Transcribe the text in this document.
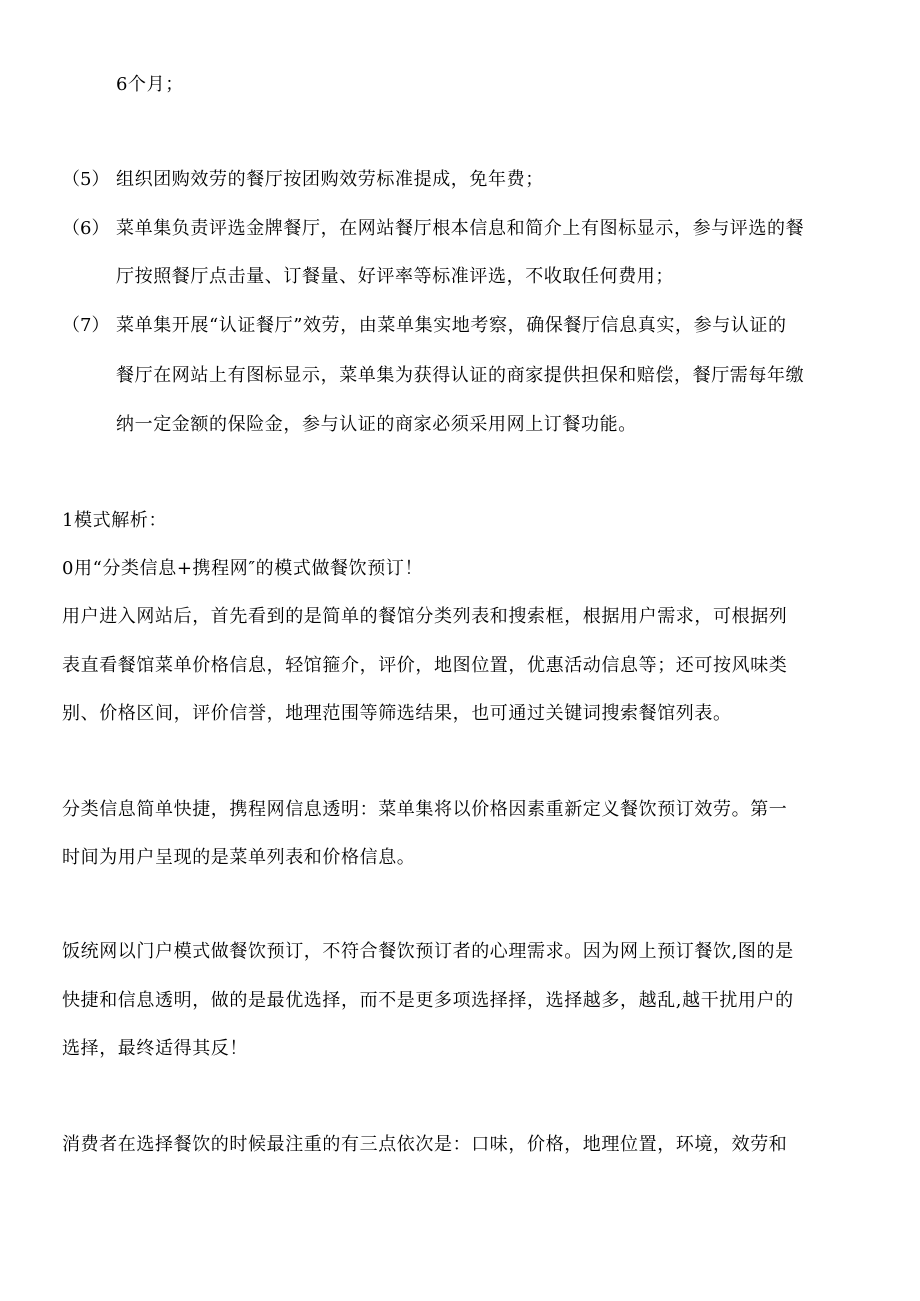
6个月；
（5） 组织团购效劳的餐厅按团购效劳标准提成，免年费；
（6） 菜单集负责评选金牌餐厅，在网站餐厅根本信息和简介上有图标显示，参与评选的餐
厅按照餐厅点击量、订餐量、好评率等标准评选，不收取任何费用；
（7） 菜单集开展“认证餐厅”效劳，由菜单集实地考察，确保餐厅信息真实，参与认证的
餐厅在网站上有图标显示，菜单集为获得认证的商家提供担保和赔偿，餐厅需每年缴
纳一定金额的保险金，参与认证的商家必须采用网上订餐功能。
1模式解析：
0用“分类信息+携程网″的模式做餐饮预订！
用户进入网站后，首先看到的是简单的餐馆分类列表和搜索框，根据用户需求，可根据列
表直看餐馆菜单价格信息，轻馆箍介，评价，地图位置，优惠活动信息等；还可按风味类
别、价格区间，评价信誉，地理范围等筛选结果，也可通过关键词搜索餐馆列表。
分类信息简单快捷，携程网信息透明：菜单集将以价格因素重新定义餐饮预订效劳。第一
时间为用户呈现的是菜单列表和价格信息。
饭统网以门户模式做餐饮预订，不符合餐饮预订者的心理需求。因为网上预订餐饮,图的是
快捷和信息透明，做的是最优选择，而不是更多项选择择，选择越多，越乱,越干扰用户的
选择，最终适得其反！
消费者在选择餐饮的时候最注重的有三点依次是：口味，价格，地理位置，环境，效劳和
